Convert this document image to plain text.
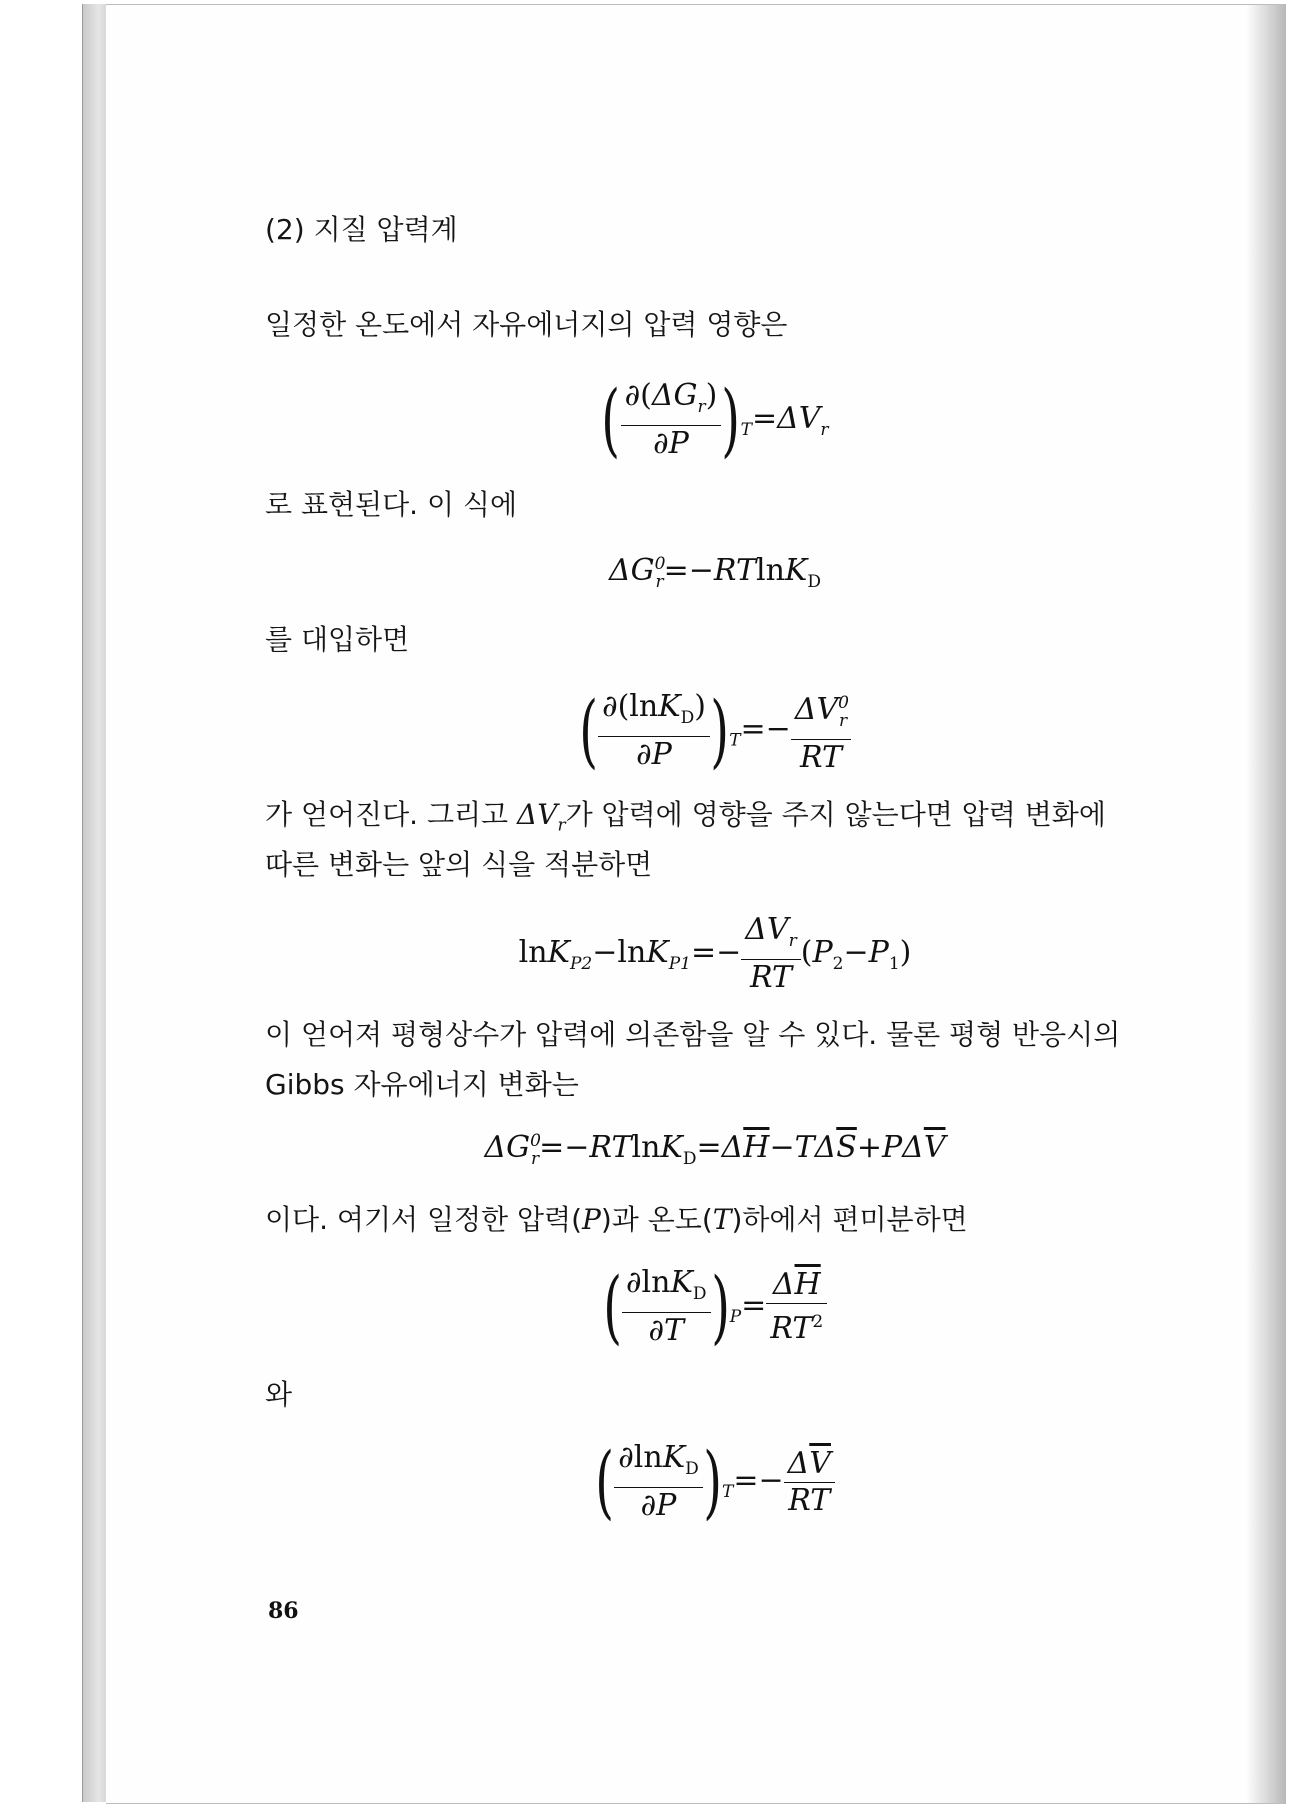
(2) 지질 압력계
일정한 온도에서 자유에너지의 압력 영향은
( $\frac{\partial(\Delta G_r)}{\partial P} )_T=\Delta V_r$
로 표현된다. 이 식에
$\Delta G^0_r=-RTlnK_D$
를 대입하면
( $\frac{\partial(\ln K_D)}{\partial P} )_T=- \frac{\Delta V^0_r}{RT}$
가 얻어진다. 그리고 $\Delta V_r$가 압력에 영향을 주지 않는다면 압력 변화에
따른 변화는 앞의 식을 적분하면
$\ln K_{P2}-\ln K_{P1}=- \frac{\Delta V_r}{RT} (P_2-P_1)$
이 얻어져 평형상수가 압력에 의존함을 알 수 있다. 물론 평형 반응시의
Gibbs 자유에너지 변화는
$\Delta G^0_r=-RTlnK_D=\Delta\overline{H}-T\Delta\overline{S}+P\Delta\overline{V}$
이다. 여기서 일정한 압력(P)과 온도(T)하에서 편미분하면
( $\frac{\partial\ln K_D}{\partial T} )_P= \frac{\Delta\overline{H}}{RT^2}$
와
( $\frac{\partial\ln K_D}{\partial P} )_T=- \frac{\Delta\overline{V}}{RT}$
86
